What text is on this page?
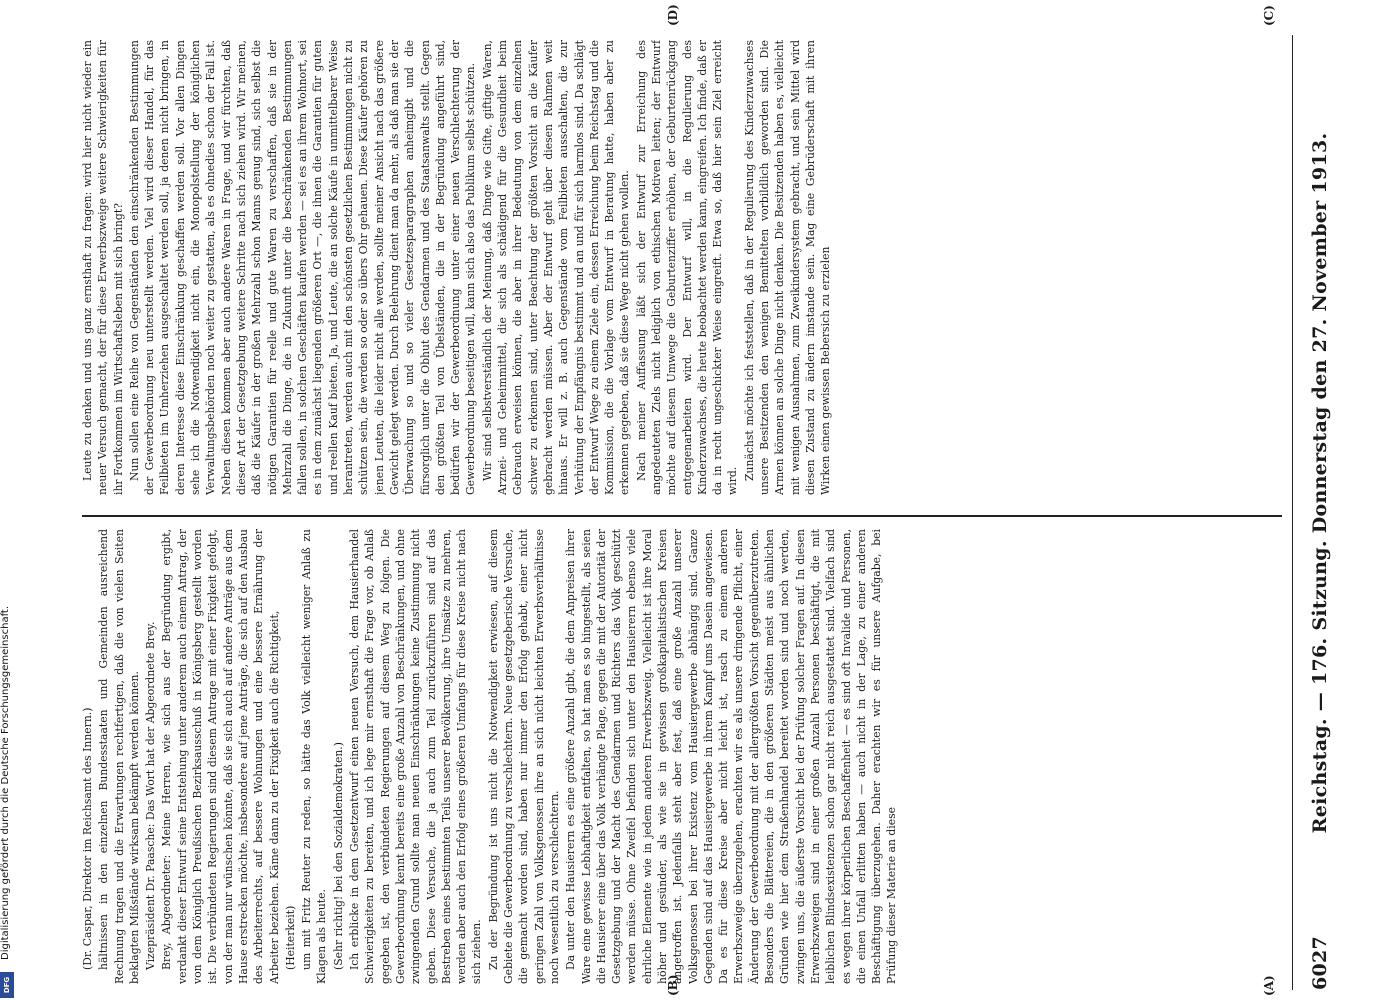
6027
Reichstag. — 176. Sitzung. Donnerstag den 27. November 1913.

(Dr. Caspar, Direktor im Reichsamt des Innern.) hältnissen in den einzelnen Bundesstaaten und Gemeinden ausreichend Rechnung tragen und die Erwartungen rechtfertigen, daß die von vielen Seiten beklagten Mißstände wirksam bekämpft werden können. Vizepräsident Dr. Paasche: Das Wort hat der Abgeordnete Brey. Brey, Abgeordneter: Meine Herren, wie sich aus der Begründung ergibt, verdankt dieser Entwurf seine Entstehung unter anderem auch einem Antrag, der von dem Königlich Preußischen Bezirksausschuß in Königsberg gestellt worden ist. Die verbündeten Regierungen sind diesem Antrage mit einer Fixigkeit gefolgt, von der man nur wünschen könnte, daß sie sich auch auf andere Anträge aus dem Hause erstrecken möchte, insbesondere auf jene Anträge, die sich auf den Ausbau des Arbeiterrechts, auf bessere Wohnungen und eine bessere Ernährung der Arbeiter beziehen. Käme dann zu der Fixigkeit auch die Richtigkeit, (Heiterkeit) um mit Fritz Reuter zu reden, so hätte das Volk vielleicht weniger Anlaß zu Klagen als heute. (Sehr richtig! bei den Sozialdemokraten.) Ich erblicke in dem Gesetzentwurf einen neuen Versuch, dem Hausierhandel Schwierigkeiten zu bereiten, und ich lege mir ernsthaft die Frage vor, ob Anlaß gegeben ist, den verbündeten Regierungen auf diesem Weg zu folgen. Die Gewerbeordnung kennt bereits eine große Anzahl von Beschränkungen, und ohne zwingenden Grund sollte man neuen Einschränkungen keine Zustimmung nicht geben. Diese Versuche, die ja auch zum Teil zurückzuführen sind auf das Bestreben eines bestimmten Teils unserer Bevölkerung, ihre Umsätze zu mehren, werden aber auch den Erfolg eines größeren Umfangs für diese Kreise nicht nach sich ziehen. Zu der Begründung ist uns nicht die Notwendigkeit erwiesen, auf diesem Gebiete die Gewerbeordnung zu verschlechtern. Neue gesetzgeberische Versuche, die gemacht worden sind, haben nur immer den Erfolg gehabt, einer nicht geringen Zahl von Volksgenossen ihre an sich nicht leichten Erwerbsverhältnisse noch wesentlich zu verschlechtern. Da unter den Hausierern es eine größere Anzahl gibt, die dem Anpreisen ihrer Ware eine gewisse Lebhaftigkeit entfalten, so hat man es so hingestellt, als seien die Hausierer eine über das Volk verhängte Plage, gegen die mit der Autorität der Gesetzgebung und der Macht des Gendarmen und Richters das Volk geschützt werden müsse. Ohne Zweifel befinden sich unter den Hausierern ebenso viele ehrliche Elemente wie in jedem anderen Erwerbszweig. Vielleicht ist ihre Moral höher und gesünder, als wie sie in gewissen großkapitalistischen Kreisen angetroffen ist. Jedenfalls steht aber fest, daß eine große Anzahl unserer Volksgenossen bei ihrer Existenz vom Hausiergewerbe abhängig sind. Ganze Gegenden sind auf das Hausiergewerbe in ihrem Kampf ums Dasein angewiesen. Da es für diese Kreise aber nicht leicht ist, rasch zu einem anderen Erwerbszweige überzugehen, erachten wir es als unsere dringende Pflicht, einer Änderung der Gewerbeordnung mit der allergrößten Vorsicht gegenüberzutreten. Besonders die Blättereien, die in den größeren Städten meist aus ähnlichen Gründen wie hier dem Straßenhandel bereitet worden sind und noch werden, zwingen uns, die äußerste Vorsicht bei der Prüfung solcher Fragen auf. In diesen Erwerbszweigen sind in einer großen Anzahl Personen beschäftigt, die mit leiblichen Blindsexistenzen schon gar nicht reich ausgestattet sind. Vielfach sind es wegen ihrer körperlichen Beschaffenheit — es sind oft Invalide und Personen, die einen Unfall erlitten haben — auch nicht in der Lage, zu einer anderen Beschäftigung überzugehen. Daher erachten wir es für unsere Aufgabe, bei Prüfung dieser Materie an diese

Leute zu denken und uns ganz ernsthaft zu fragen: wird hier nicht wieder ein neuer Versuch gemacht, der für diese Erwerbszweige weitere Schwierigkeiten für ihr Fortkommen im Wirtschaftsleben mit sich bringt? Nun sollen eine Reihe von Gegenständen den einschränkenden Bestimmungen der Gewerbeordnung neu unterstellt werden. Viel wird dieser Handel, für das Feilbieten im Umherziehen ausgeschaltet werden soll, ja denen nicht bringen, in deren Interesse diese Einschränkung geschaffen werden soll. Vor allen Dingen sehe ich die Notwendigkeit nicht ein, die Monopolstellung der königlichen Verwaltungsbehörden noch weiter zu gestatten, als es ohnedies schon der Fall ist. Neben diesen kommen aber auch andere Waren in Frage, und wir fürchten, daß dieser Art der Gesetzgebung weitere Schritte nach sich ziehen wird. Wir meinen, daß die Käufer in der großen Mehrzahl schon Manns genug sind, sich selbst die nötigen Garantien für reelle und gute Waren zu verschaffen, daß sie in der Mehrzahl die Dinge, die in Zukunft unter die beschränkenden Bestimmungen fallen sollen, in solchen Geschäften kaufen werden — sei es an ihrem Wohnort, sei es in dem zunächst liegenden größeren Ort —, die ihnen die Garantien für guten und reellen Kauf bieten. Ja, und Leute, die an solche Käufe in unmittelbarer Weise herantreten, werden auch mit den schönsten gesetzlichen Bestimmungen nicht zu schützen sein, die werden so oder so übers Ohr gehauen. Diese Käufer gehören zu jenen Leuten, die leider nicht alle werden, sollte meiner Ansicht nach das größere Gewicht gelegt werden. Durch Belehrung dient man da mehr, als daß man sie der Überwachung so und so vieler Gesetzesparagraphen anheimgibt und die fürsorglich unter die Obhut des Gendarmen und des Staatsanwalts stellt. Gegen den größten Teil von Übelständen, die in der Begründung angeführt sind, bedürfen wir der Gewerbeordnung unter einer neuen Verschlechterung der Gewerbeordnung beseitigen will, kann sich also das Publikum selbst schützen. Wir sind selbstverständlich der Meinung, daß Dinge wie Gifte, giftige Waren, Arznei- und Geheimmittel, die sich als schädigend für die Gesundheit beim Gebrauch erweisen können, die aber in ihrer Bedeutung von dem einzelnen schwer zu erkennen sind, unter Beachtung der größten Vorsicht an die Käufer gebracht werden müssen. Aber der Entwurf geht über diesen Rahmen weit hinaus. Er will z. B. auch Gegenstände vom Feilbieten ausschalten, die zur Verhütung der Empfängnis bestimmt und an und für sich harmlos sind. Da schlägt der Entwurf Wege zu einem Ziele ein, dessen Erreichung beim Reichstag und die Kommission, die die Vorlage vom Entwurf in Beratung hatte, haben aber zu erkennen gegeben, daß sie diese Wege nicht gehen wollen. Nach meiner Auffassung läßt sich der Entwurf zur Erreichung des angedeuteten Ziels nicht lediglich von ethischen Motiven leiten; der Entwurf möchte auf diesem Umwege die Geburtenziffer erhöhen, der Geburtenrückgang entgegenarbeiten wird. Der Entwurf will, in die Regulierung des Kinderzuwachses, die heute beobachtet werden kann, eingreifen. Ich finde, daß er da in recht ungeschickter Weise eingreift. Etwa so, daß hier sein Ziel erreicht wird. Zunächst möchte ich feststellen, daß in der Regulierung des Kinderzuwachses unsere Besitzenden den wenigen Bemittelten vorbildlich geworden sind. Die Armen können an solche Dinge nicht denken. Die Besitzenden haben es, vielleicht mit wenigen Ausnahmen, zum Zweikindersystem gebracht, und sein Mittel wird diesen Zustand zu ändern imstande sein. Mag eine Gebrüderschaft mit ihren Wirken einen gewissen Bebersich zu erzielen

(A)
(B)
(C)
(D)
Digitalisierung gefördert durch die Deutsche Forschungsgemeinschaft.
DFG
